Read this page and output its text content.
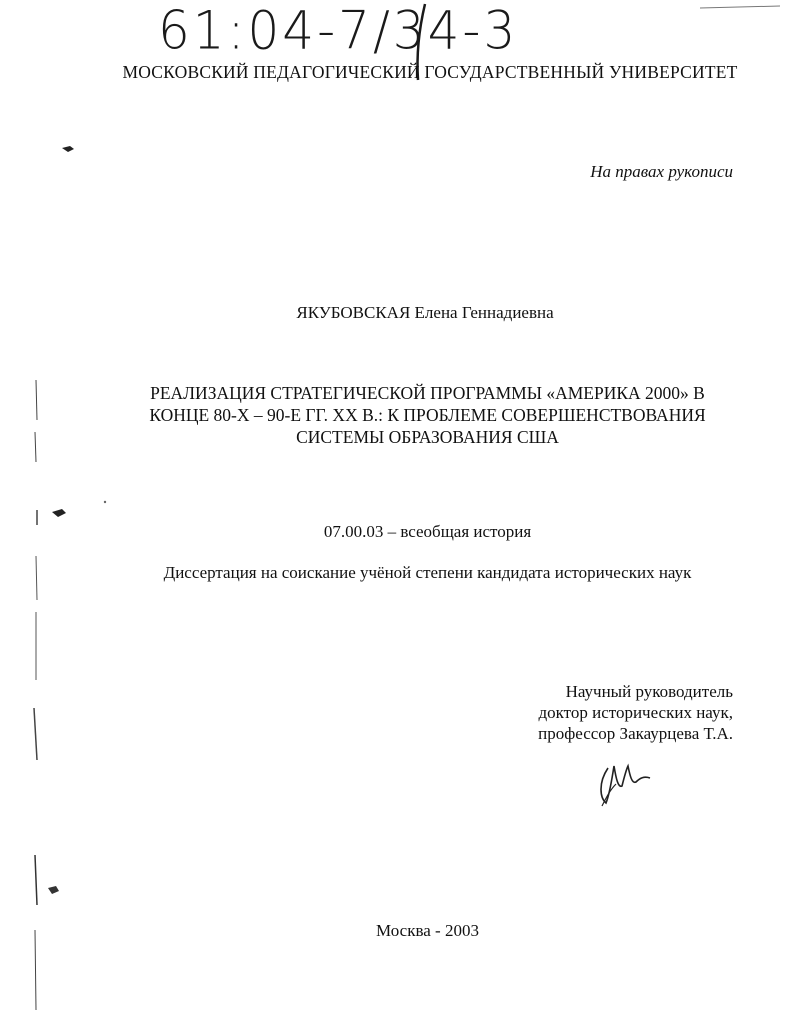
61:04-7/34-3
МОСКОВСКИЙ ПЕДАГОГИЧЕСКИЙ ГОСУДАРСТВЕННЫЙ УНИВЕРСИТЕТ
На правах рукописи
ЯКУБОВСКАЯ Елена Геннадиевна
РЕАЛИЗАЦИЯ СТРАТЕГИЧЕСКОЙ ПРОГРАММЫ «АМЕРИКА 2000» В
КОНЦЕ 80-Х – 90-Е ГГ. ХХ В.: К ПРОБЛЕМЕ СОВЕРШЕНСТВОВАНИЯ
СИСТЕМЫ ОБРАЗОВАНИЯ США
07.00.03 – всеобщая история
Диссертация на соискание учёной степени кандидата исторических наук
Научный руководитель
доктор исторических наук,
профессор Закаурцева Т.А.
Москва - 2003
